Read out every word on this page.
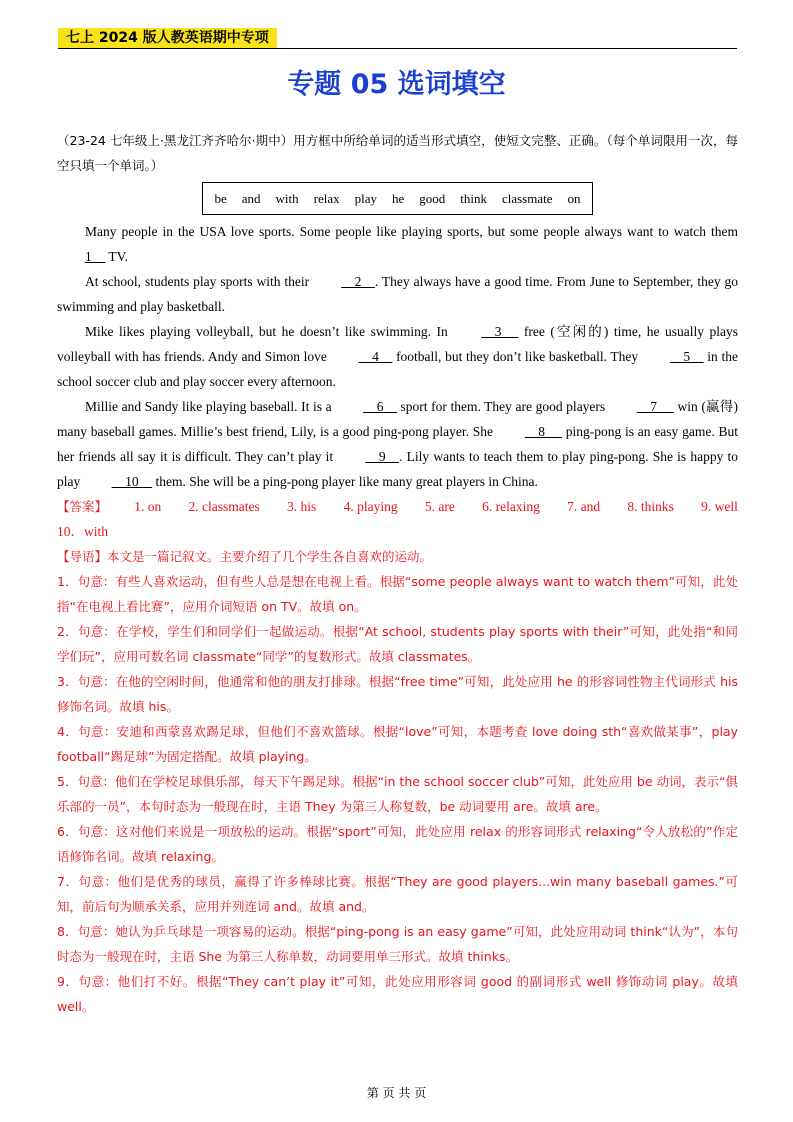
七上 2024 版人教英语期中专项
专题 05 选词填空

（23-24 七年级上·黑龙江齐齐哈尔·期中）用方框中所给单词的适当形式填空，使短文完整、正确。（每个单词限用一次，每空只填一个单词。）

be and with relax play he good think classmate on

Many people in the USA love sports. Some people like playing sports, but some people always want to watch them 1     TV.

At school, students play sports with their     2    . They always have a good time. From June to September, they go swimming and play basketball.

Mike likes playing volleyball, but he doesn’t like swimming. In     3      free (空闲的) time, he usually plays volleyball with has friends. Andy and Simon love     4     football, but they don’t like basketball. They     5     in the school soccer club and play soccer every afternoon.

Millie and Sandy like playing baseball. It is a     6     sport for them. They are good players     7      win (赢得) many baseball games. Millie’s best friend, Lily, is a good ping-pong player. She     8      ping-pong is an easy game. But her friends all say it is difficult. They can’t play it     9    . Lily wants to teach them to play ping-pong. She is happy to play     10     them. She will be a ping-pong player like many great players in China.

【答案】 1. on 2. classmates 3. his 4. playing 5. are 6. relaxing 7. and 8. thinks 9. well

10．with

【导语】本文是一篇记叙文。主要介绍了几个学生各自喜欢的运动。

1．句意：有些人喜欢运动，但有些人总是想在电视上看。根据“some people always want to watch them”可知，此处指“在电视上看比赛”，应用介词短语 on TV。故填 on。

2．句意：在学校，学生们和同学们一起做运动。根据“At school, students play sports with their”可知，此处指“和同学们玩”，应用可数名词 classmate“同学”的复数形式。故填 classmates。

3．句意：在他的空闲时间，他通常和他的朋友打排球。根据“free time”可知，此处应用 he 的形容词性物主代词形式 his 修饰名词。故填 his。

4．句意：安迪和西蒙喜欢踢足球，但他们不喜欢篮球。根据“love”可知，本题考查 love doing sth“喜欢做某事”，play football“踢足球”为固定搭配。故填 playing。

5．句意：他们在学校足球俱乐部，每天下午踢足球。根据“in the school soccer club”可知，此处应用 be 动词，表示“俱乐部的一员”，本句时态为一般现在时，主语 They 为第三人称复数，be 动词要用 are。故填 are。

6．句意：这对他们来说是一项放松的运动。根据“sport”可知，此处应用 relax 的形容词形式 relaxing“令人放松的”作定语修饰名词。故填 relaxing。

7．句意：他们是优秀的球员，赢得了许多棒球比赛。根据“They are good players...win many baseball games.”可知，前后句为顺承关系，应用并列连词 and。故填 and。

8．句意：她认为乒乓球是一项容易的运动。根据“ping-pong is an easy game”可知，此处应用动词 think“认为”，本句时态为一般现在时，主语 She 为第三人称单数，动词要用单三形式。故填 thinks。

9．句意：他们打不好。根据“They can’t play it”可知，此处应用形容词 good 的副词形式 well 修饰动词 play。故填 well。

第 页 共 页
